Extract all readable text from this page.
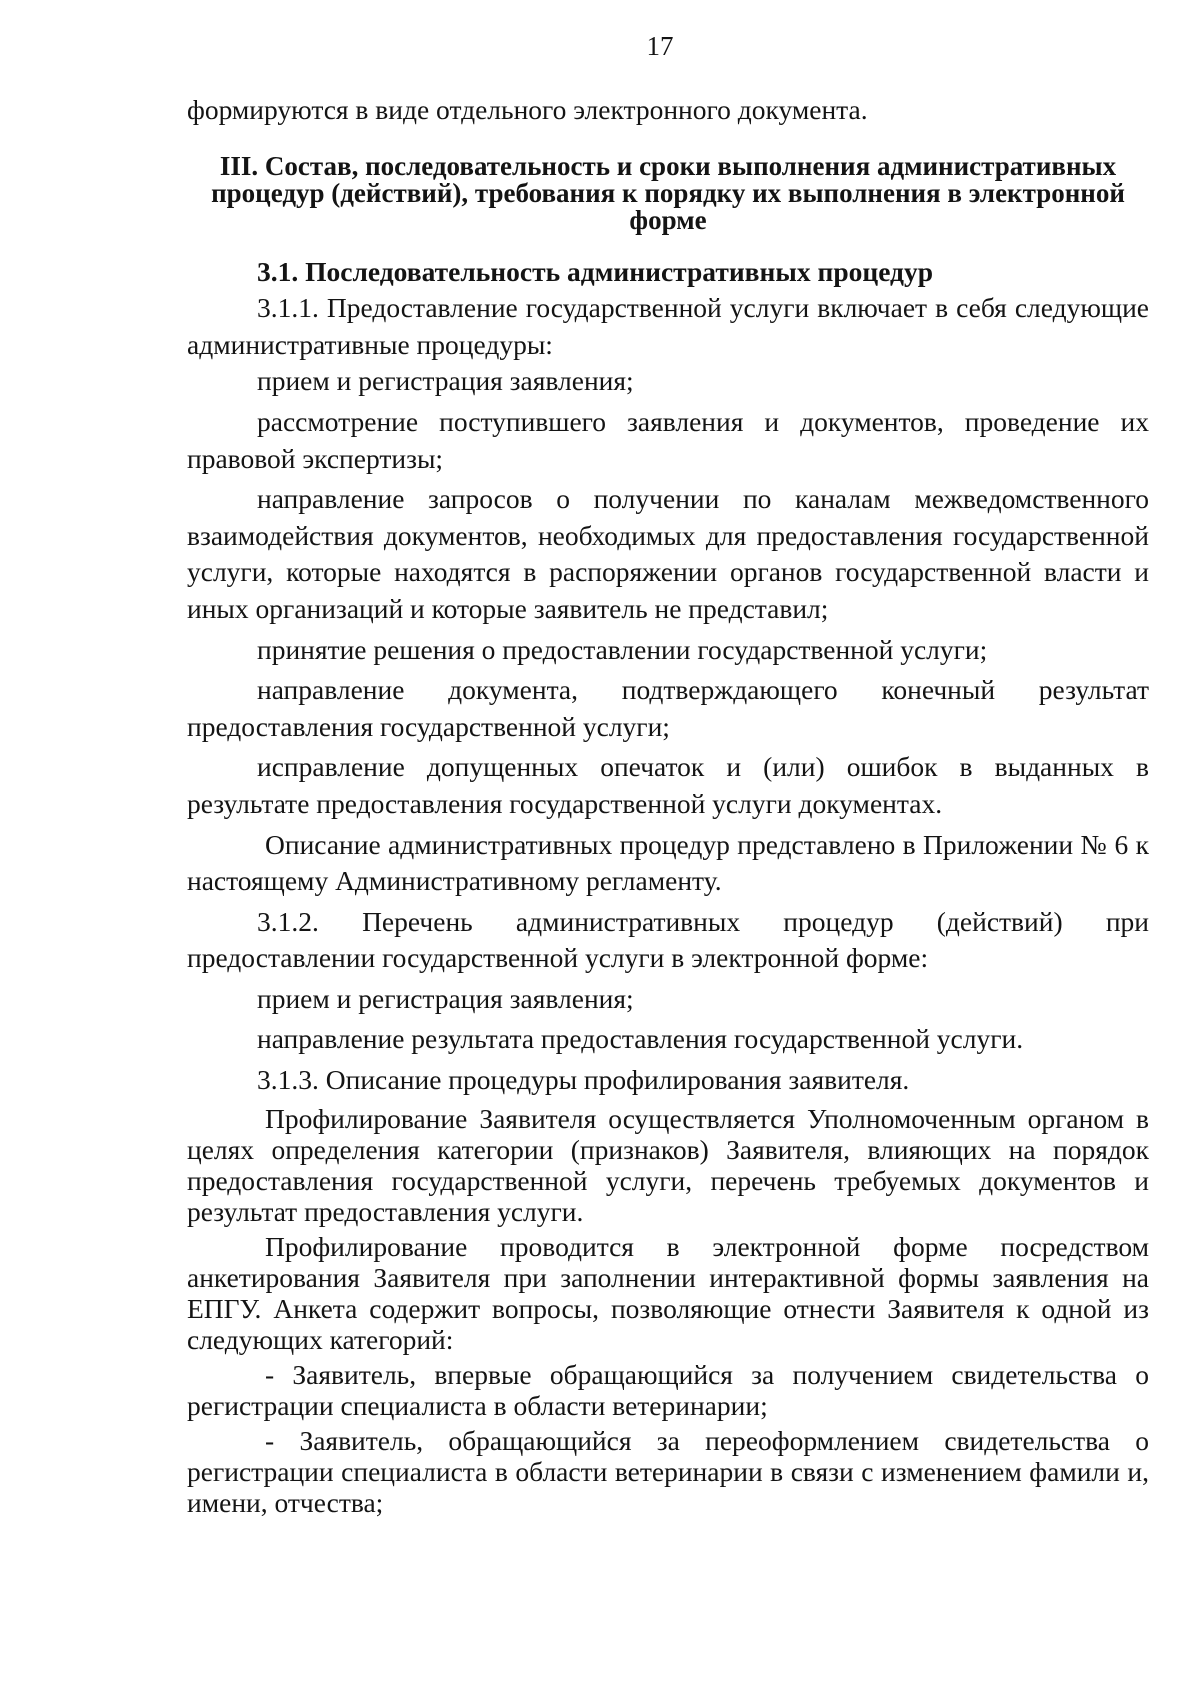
17

формируются в виде отдельного электронного документа.

III. Состав, последовательность и сроки выполнения административных процедур (действий), требования к порядку их выполнения в электронной форме

3.1. Последовательность административных процедур

3.1.1. Предоставление государственной услуги включает в себя следующие административные процедуры:

прием и регистрация заявления;

рассмотрение поступившего заявления и документов, проведение их правовой экспертизы;

направление запросов о получении по каналам межведомственного взаимодействия документов, необходимых для предоставления государственной услуги, которые находятся в распоряжении органов государственной власти и иных организаций и которые заявитель не представил;

принятие решения о предоставлении государственной услуги;

направление документа, подтверждающего конечный результат предоставления государственной услуги;

исправление допущенных опечаток и (или) ошибок в выданных в результате предоставления государственной услуги документах.

Описание административных процедур представлено в Приложении № 6 к настоящему Административному регламенту.

3.1.2. Перечень административных процедур (действий) при предоставлении государственной услуги в электронной форме:

прием и регистрация заявления;

направление результата предоставления государственной услуги.

3.1.3. Описание процедуры профилирования заявителя.

Профилирование Заявителя осуществляется Уполномоченным органом в целях определения категории (признаков) Заявителя, влияющих на порядок предоставления государственной услуги, перечень требуемых документов и результат предоставления услуги.

Профилирование проводится в электронной форме посредством анкетирования Заявителя при заполнении интерактивной формы заявления на ЕПГУ. Анкета содержит вопросы, позволяющие отнести Заявителя к одной из следующих категорий:

- Заявитель, впервые обращающийся за получением свидетельства о регистрации специалиста в области ветеринарии;

- Заявитель, обращающийся за переоформлением свидетельства о регистрации специалиста в области ветеринарии в связи с изменением фамили и, имени, отчества;
